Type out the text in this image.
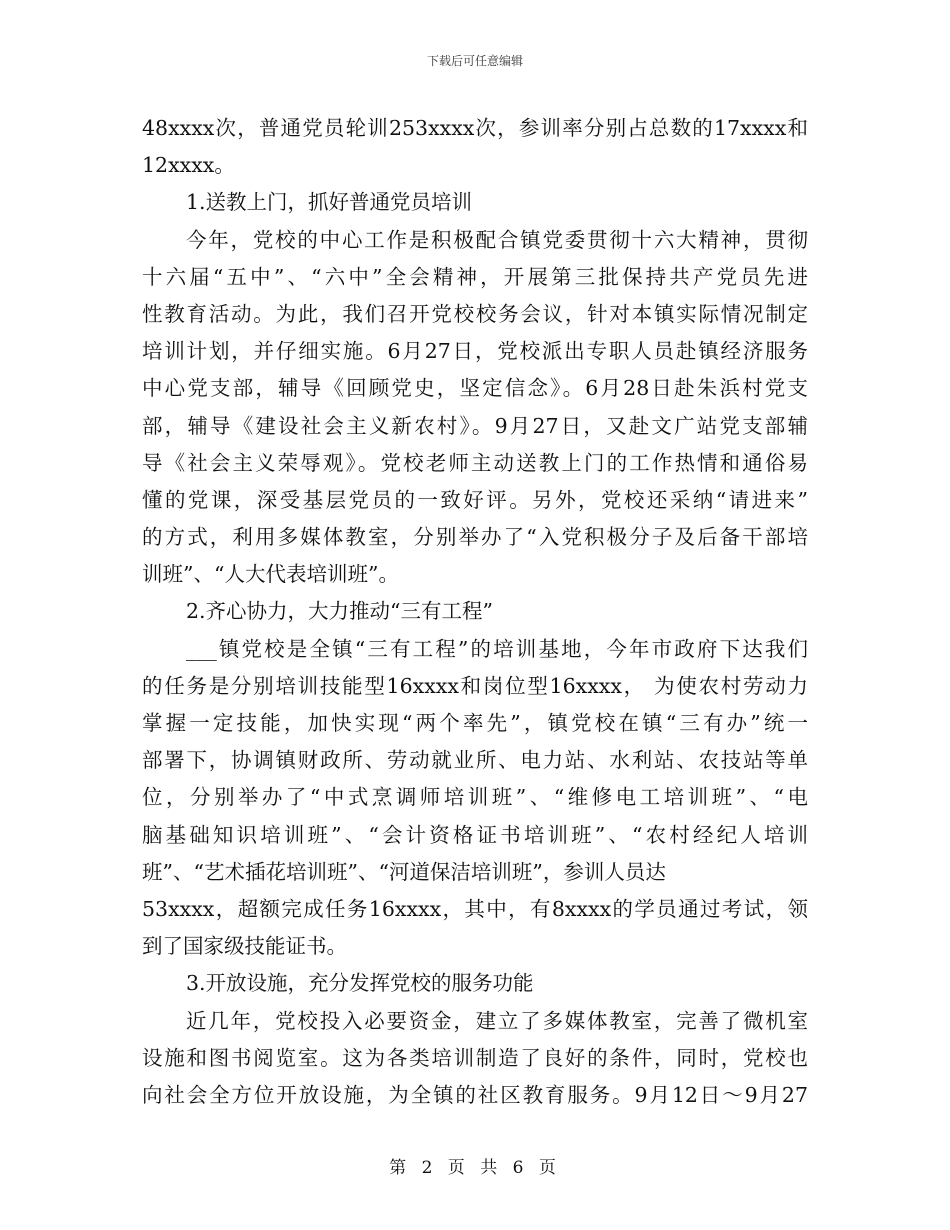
下载后可任意编辑
48xxxx次，普通党员轮训253xxxx次，参训率分别占总数的17xxxx和
12xxxx。
1.送教上门，抓好普通党员培训
今年，党校的中心工作是积极配合镇党委贯彻十六大精神，贯彻
十六届“五中”、“六中”全会精神，开展第三批保持共产党员先进
性教育活动。为此，我们召开党校校务会议，针对本镇实际情况制定
培训计划，并仔细实施。6月27日，党校派出专职人员赴镇经济服务
中心党支部，辅导《回顾党史，坚定信念》。6月28日赴朱浜村党支
部，辅导《建设社会主义新农村》。9月27日，又赴文广站党支部辅
导《社会主义荣辱观》。党校老师主动送教上门的工作热情和通俗易
懂的党课，深受基层党员的一致好评。另外，党校还采纳“请进来”
的方式，利用多媒体教室，分别举办了“入党积极分子及后备干部培
训班”、“人大代表培训班”。
2.齐心协力，大力推动“三有工程”
___镇党校是全镇“三有工程”的培训基地，今年市政府下达我们
的任务是分别培训技能型16xxxx和岗位型16xxxx， 为使农村劳动力
掌握一定技能，加快实现“两个率先”，镇党校在镇“三有办”统一
部署下，协调镇财政所、劳动就业所、电力站、水利站、农技站等单
位，分别举办了“中式烹调师培训班”、“维修电工培训班”、“电
脑基础知识培训班”、“会计资格证书培训班”、“农村经纪人培训
班”、“艺术插花培训班”、“河道保洁培训班”，参训人员达
53xxxx，超额完成任务16xxxx，其中，有8xxxx的学员通过考试，领
到了国家级技能证书。
3.开放设施，充分发挥党校的服务功能
近几年，党校投入必要资金，建立了多媒体教室，完善了微机室
设施和图书阅览室。这为各类培训制造了良好的条件，同时，党校也
向社会全方位开放设施，为全镇的社区教育服务。9月12日～9月27
第 2 页 共 6 页
